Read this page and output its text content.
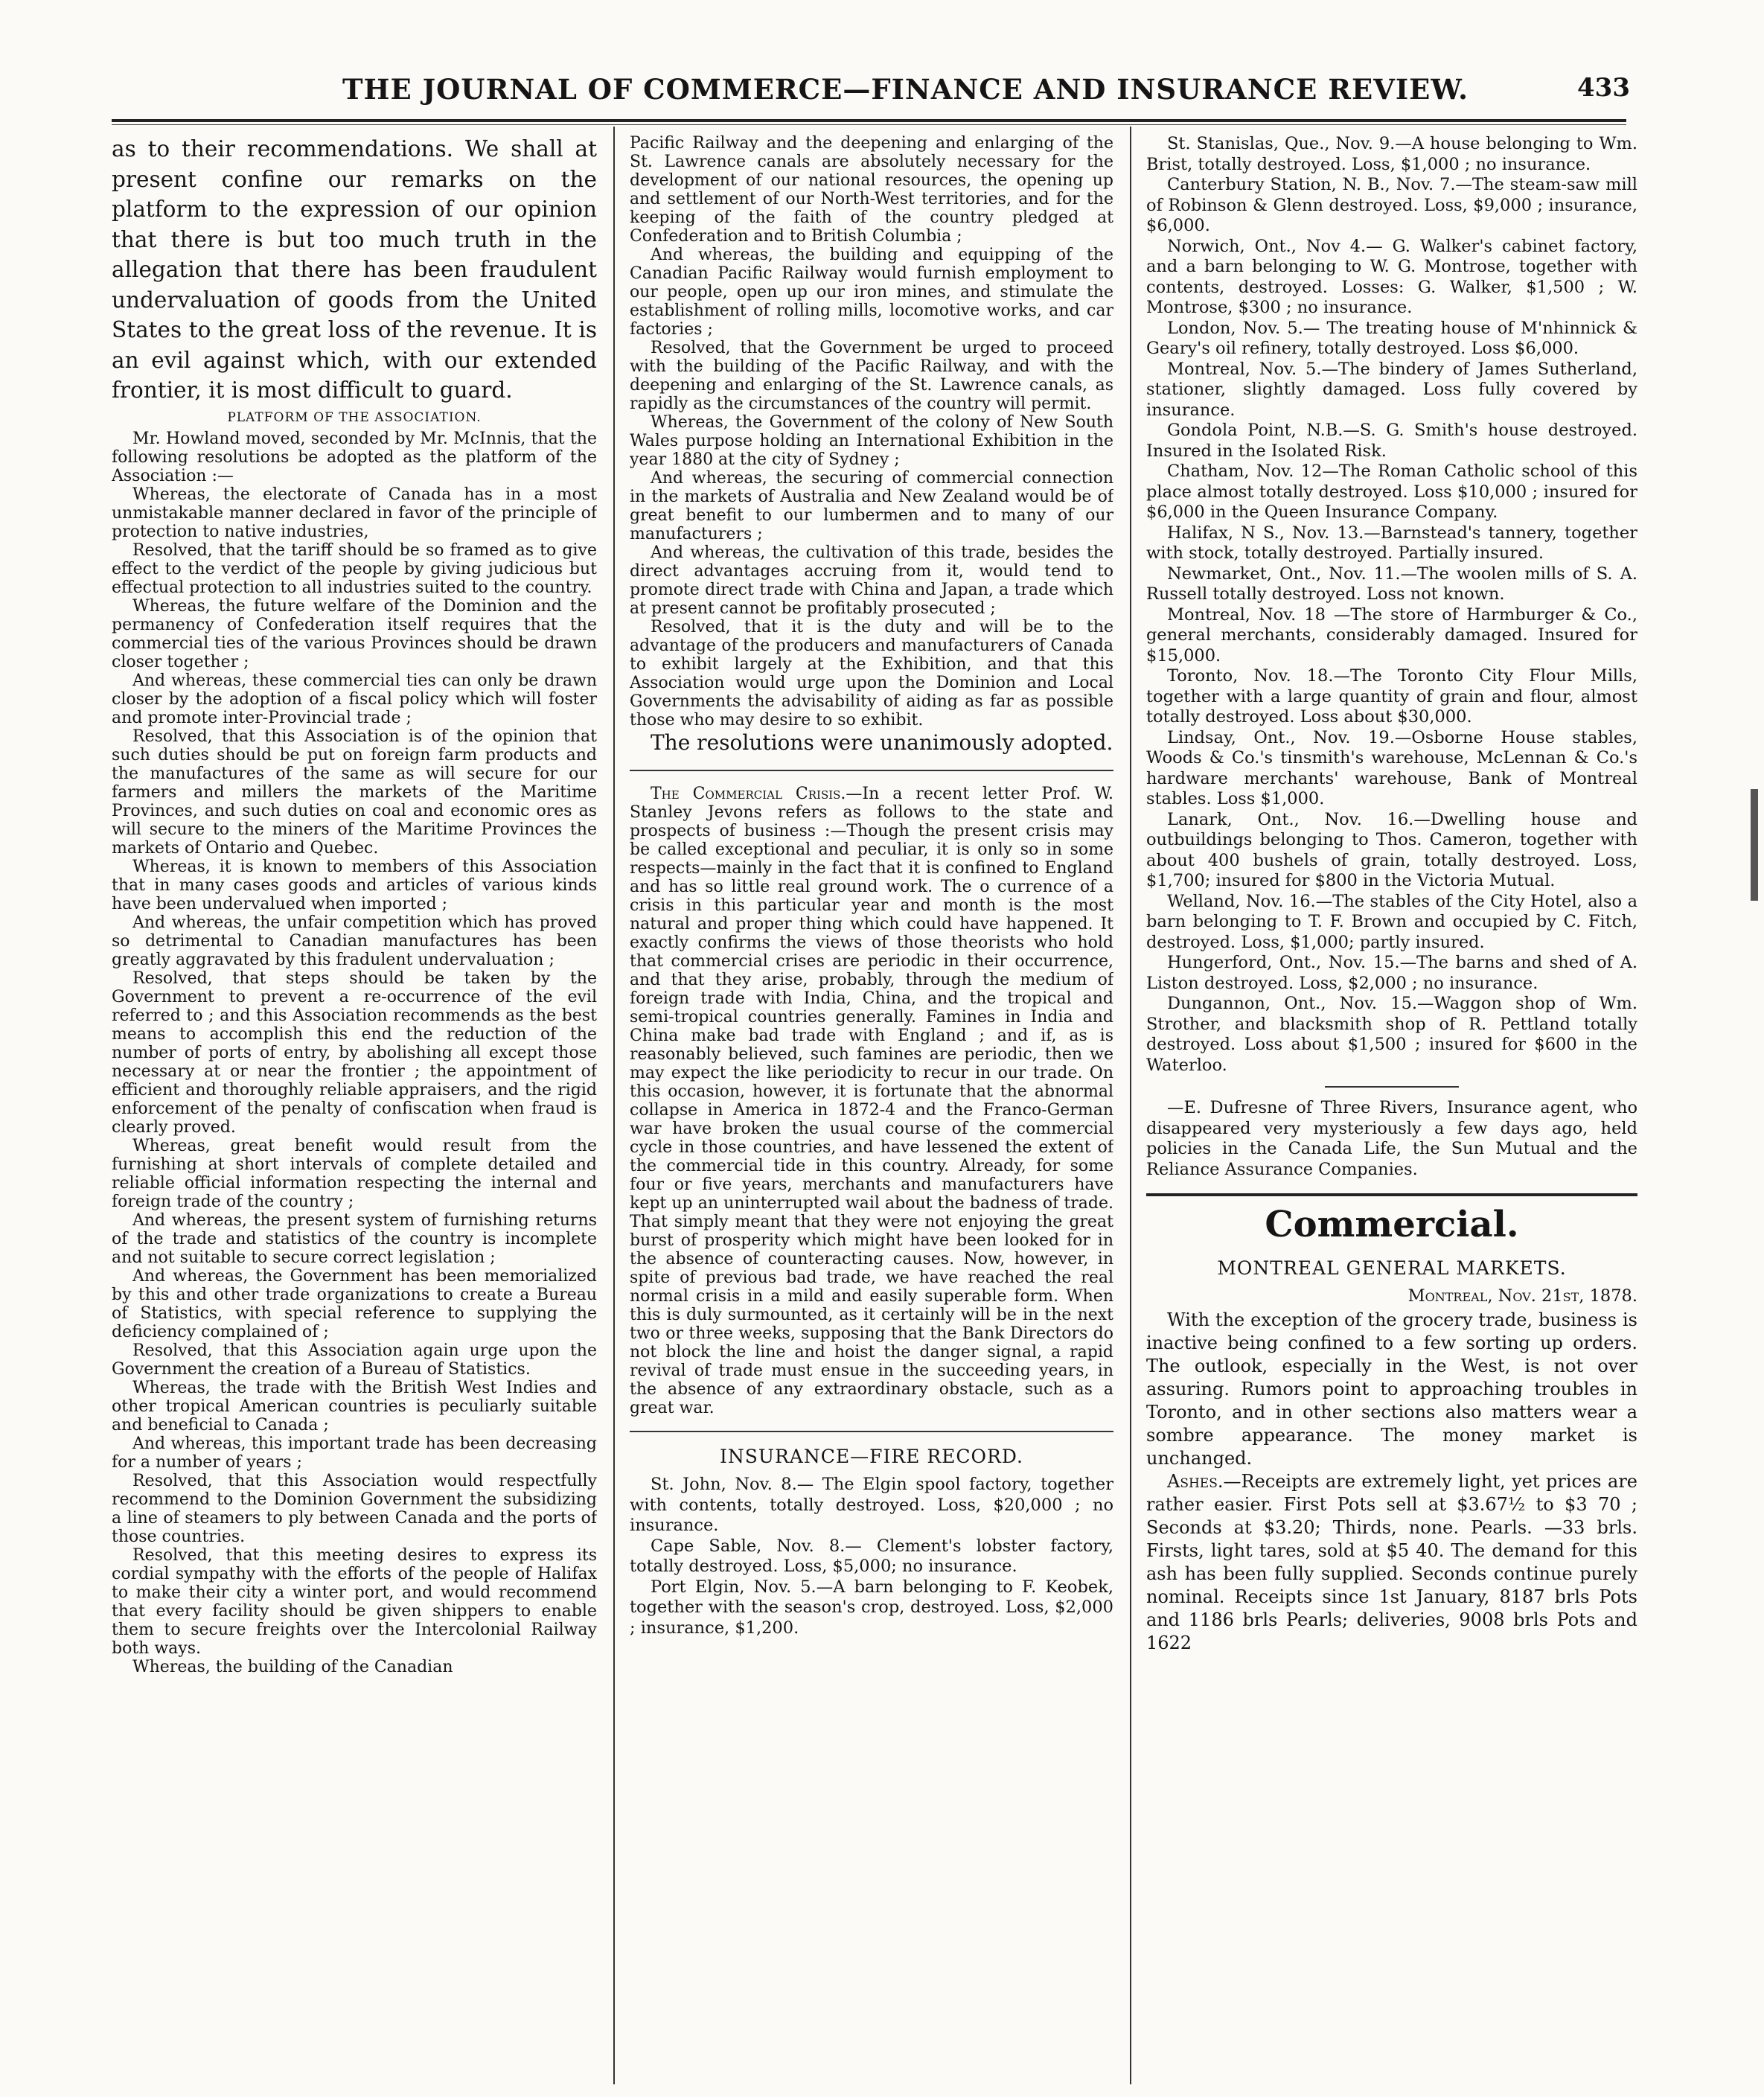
THE JOURNAL OF COMMERCE—FINANCE AND INSURANCE REVIEW.	433

as to their recommendations. We shall at present confine our remarks on the platform to the expression of our opinion that there is but too much truth in the allegation that there has been fraudulent undervaluation of goods from the United States to the great loss of the revenue. It is an evil against which, with our extended frontier, it is most difficult to guard.

PLATFORM OF THE ASSOCIATION.

Mr. Howland moved, seconded by Mr. McInnis, that the following resolutions be adopted as the platform of the Association :—

Whereas, the electorate of Canada has in a most unmistakable manner declared in favor of the principle of protection to native industries,

Resolved, that the tariff should be so framed as to give effect to the verdict of the people by giving judicious but effectual protection to all industries suited to the country.

Whereas, the future welfare of the Dominion and the permanency of Confederation itself requires that the commercial ties of the various Provinces should be drawn closer together ;

And whereas, these commercial ties can only be drawn closer by the adoption of a fiscal policy which will foster and promote inter-Provincial trade ;

Resolved, that this Association is of the opinion that such duties should be put on foreign farm products and the manufactures of the same as will secure for our farmers and millers the markets of the Maritime Provinces, and such duties on coal and economic ores as will secure to the miners of the Maritime Provinces the markets of Ontario and Quebec.

Whereas, it is known to members of this Association that in many cases goods and articles of various kinds have been undervalued when imported ;

And whereas, the unfair competition which has proved so detrimental to Canadian manufactures has been greatly aggravated by this fradulent undervaluation ;

Resolved, that steps should be taken by the Government to prevent a re-occurrence of the evil referred to ; and this Association recommends as the best means to accomplish this end the reduction of the number of ports of entry, by abolishing all except those necessary at or near the frontier ; the appointment of efficient and thoroughly reliable appraisers, and the rigid enforcement of the penalty of confiscation when fraud is clearly proved.

Whereas, great benefit would result from the furnishing at short intervals of complete detailed and reliable official information respecting the internal and foreign trade of the country ;

And whereas, the present system of furnishing returns of the trade and statistics of the country is incomplete and not suitable to secure correct legislation ;

And whereas, the Government has been memorialized by this and other trade organizations to create a Bureau of Statistics, with special reference to supplying the deficiency complained of ;

Resolved, that this Association again urge upon the Government the creation of a Bureau of Statistics.

Whereas, the trade with the British West Indies and other tropical American countries is peculiarly suitable and beneficial to Canada ;

And whereas, this important trade has been decreasing for a number of years ;

Resolved, that this Association would respectfully recommend to the Dominion Government the subsidizing a line of steamers to ply between Canada and the ports of those countries.

Resolved, that this meeting desires to express its cordial sympathy with the efforts of the people of Halifax to make their city a winter port, and would recommend that every facility should be given shippers to enable them to secure freights over the Intercolonial Railway both ways.

Whereas, the building of the Canadian

Pacific Railway and the deepening and enlarging of the St. Lawrence canals are absolutely necessary for the development of our national resources, the opening up and settlement of our North-West territories, and for the keeping of the faith of the country pledged at Confederation and to British Columbia ;

And whereas, the building and equipping of the Canadian Pacific Railway would furnish employment to our people, open up our iron mines, and stimulate the establishment of rolling mills, locomotive works, and car factories ;

Resolved, that the Government be urged to proceed with the building of the Pacific Railway, and with the deepening and enlarging of the St. Lawrence canals, as rapidly as the circumstances of the country will permit.

Whereas, the Government of the colony of New South Wales purpose holding an International Exhibition in the year 1880 at the city of Sydney ;

And whereas, the securing of commercial connection in the markets of Australia and New Zealand would be of great benefit to our lumbermen and to many of our manufacturers ;

And whereas, the cultivation of this trade, besides the direct advantages accruing from it, would tend to promote direct trade with China and Japan, a trade which at present cannot be profitably prosecuted ;

Resolved, that it is the duty and will be to the advantage of the producers and manufacturers of Canada to exhibit largely at the Exhibition, and that this Association would urge upon the Dominion and Local Governments the advisability of aiding as far as possible those who may desire to so exhibit.

The resolutions were unanimously adopted.

The Commercial Crisis.—In a recent letter Prof. W. Stanley Jevons refers as follows to the state and prospects of business :—Though the present crisis may be called exceptional and peculiar, it is only so in some respects—mainly in the fact that it is confined to England and has so little real ground work. The o currence of a crisis in this particular year and month is the most natural and proper thing which could have happened. It exactly confirms the views of those theorists who hold that commercial crises are periodic in their occurrence, and that they arise, probably, through the medium of foreign trade with India, China, and the tropical and semi-tropical countries generally. Famines in India and China make bad trade with England ; and if, as is reasonably believed, such famines are periodic, then we may expect the like periodicity to recur in our trade. On this occasion, however, it is fortunate that the abnormal collapse in America in 1872-4 and the Franco-German war have broken the usual course of the commercial cycle in those countries, and have lessened the extent of the commercial tide in this country. Already, for some four or five years, merchants and manufacturers have kept up an uninterrupted wail about the badness of trade. That simply meant that they were not enjoying the great burst of prosperity which might have been looked for in the absence of counteracting causes. Now, however, in spite of previous bad trade, we have reached the real normal crisis in a mild and easily superable form. When this is duly surmounted, as it certainly will be in the next two or three weeks, supposing that the Bank Directors do not block the line and hoist the danger signal, a rapid revival of trade must ensue in the succeeding years, in the absence of any extraordinary obstacle, such as a great war.

INSURANCE—FIRE RECORD.

St. John, Nov. 8.— The Elgin spool factory, together with contents, totally destroyed. Loss, $20,000 ; no insurance.

Cape Sable, Nov. 8.— Clement's lobster factory, totally destroyed. Loss, $5,000; no insurance.

Port Elgin, Nov. 5.—A barn belonging to F. Keobek, together with the season's crop, destroyed. Loss, $2,000 ; insurance, $1,200.

St. Stanislas, Que., Nov. 9.—A house belonging to Wm. Brist, totally destroyed. Loss, $1,000 ; no insurance.

Canterbury Station, N. B., Nov. 7.—The steam-saw mill of Robinson & Glenn destroyed. Loss, $9,000 ; insurance, $6,000.

Norwich, Ont., Nov 4.— G. Walker's cabinet factory, and a barn belonging to W. G. Montrose, together with contents, destroyed. Losses: G. Walker, $1,500 ; W. Montrose, $300 ; no insurance.

London, Nov. 5.— The treating house of M'nhinnick & Geary's oil refinery, totally destroyed. Loss $6,000.

Montreal, Nov. 5.—The bindery of James Sutherland, stationer, slightly damaged. Loss fully covered by insurance.

Gondola Point, N.B.—S. G. Smith's house destroyed. Insured in the Isolated Risk.

Chatham, Nov. 12—The Roman Catholic school of this place almost totally destroyed. Loss $10,000 ; insured for $6,000 in the Queen Insurance Company.

Halifax, N S., Nov. 13.—Barnstead's tannery, together with stock, totally destroyed. Partially insured.

Newmarket, Ont., Nov. 11.—The woolen mills of S. A. Russell totally destroyed. Loss not known.

Montreal, Nov. 18 —The store of Harmburger & Co., general merchants, considerably damaged. Insured for $15,000.

Toronto, Nov. 18.—The Toronto City Flour Mills, together with a large quantity of grain and flour, almost totally destroyed. Loss about $30,000.

Lindsay, Ont., Nov. 19.—Osborne House stables, Woods & Co.'s tinsmith's warehouse, McLennan & Co.'s hardware merchants' warehouse, Bank of Montreal stables. Loss $1,000.

Lanark, Ont., Nov. 16.—Dwelling house and outbuildings belonging to Thos. Cameron, together with about 400 bushels of grain, totally destroyed. Loss, $1,700; insured for $800 in the Victoria Mutual.

Welland, Nov. 16.—The stables of the City Hotel, also a barn belonging to T. F. Brown and occupied by C. Fitch, destroyed. Loss, $1,000; partly insured.

Hungerford, Ont., Nov. 15.—The barns and shed of A. Liston destroyed. Loss, $2,000 ; no insurance.

Dungannon, Ont., Nov. 15.—Waggon shop of Wm. Strother, and blacksmith shop of R. Pettland totally destroyed. Loss about $1,500 ; insured for $600 in the Waterloo.

—E. Dufresne of Three Rivers, Insurance agent, who disappeared very mysteriously a few days ago, held policies in the Canada Life, the Sun Mutual and the Reliance Assurance Companies.

Commercial.

MONTREAL GENERAL MARKETS.

Montreal, Nov. 21st, 1878.

With the exception of the grocery trade, business is inactive being confined to a few sorting up orders. The outlook, especially in the West, is not over assuring. Rumors point to approaching troubles in Toronto, and in other sections also matters wear a sombre appearance. The money market is unchanged.

Ashes.—Receipts are extremely light, yet prices are rather easier. First Pots sell at $3.67½ to $3 70 ; Seconds at $3.20; Thirds, none. Pearls. —33 brls. Firsts, light tares, sold at $5 40. The demand for this ash has been fully supplied. Seconds continue purely nominal. Receipts since 1st January, 8187 brls Pots and 1186 brls Pearls; deliveries, 9008 brls Pots and 1622
